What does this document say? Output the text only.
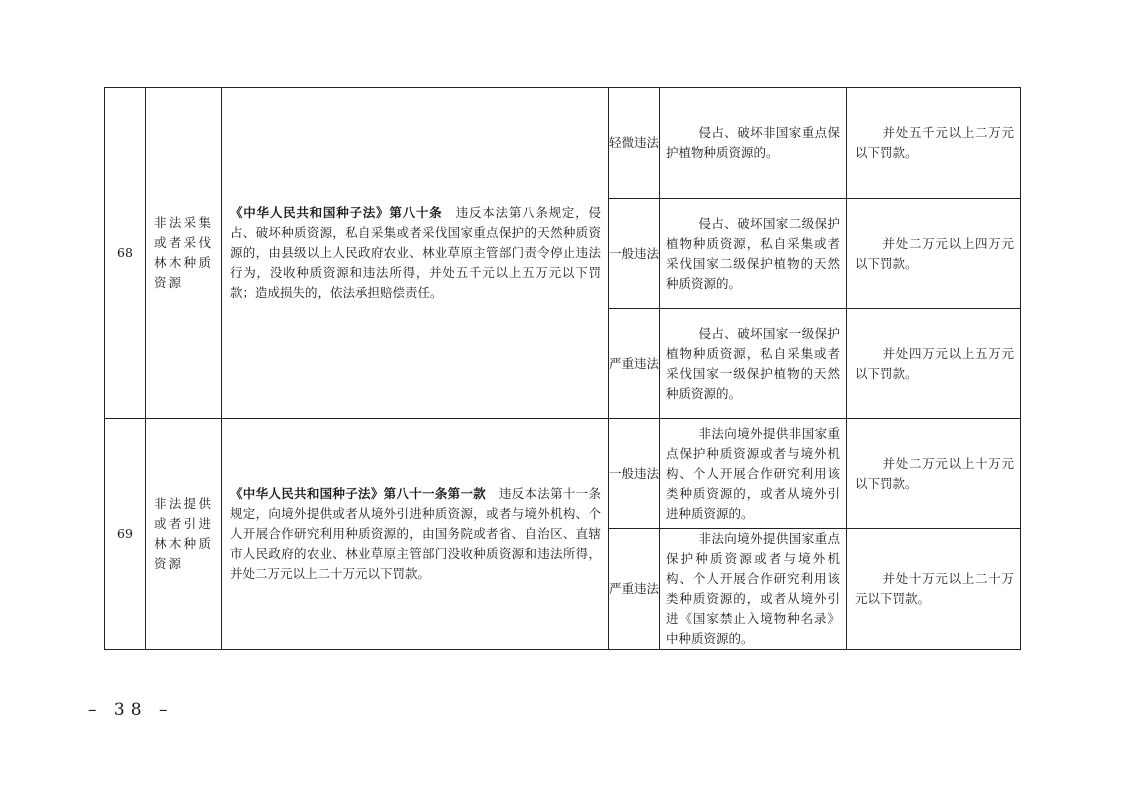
68	非法采集或者采伐林木种质资源	《中华人民共和国种子法》第八十条  违反本法第八条规定，侵占、破坏种质资源，私自采集或者采伐国家重点保护的天然种质资源的，由县级以上人民政府农业、林业草原主管部门责令停止违法行为，没收种质资源和违法所得，并处五千元以上五万元以下罚款；造成损失的，依法承担赔偿责任。	轻微违法	侵占、破坏非国家重点保护植物种质资源的。	并处五千元以上二万元以下罚款。
			一般违法	侵占、破坏国家二级保护植物种质资源，私自采集或者采伐国家二级保护植物的天然种质资源的。	并处二万元以上四万元以下罚款。
			严重违法	侵占、破坏国家一级保护植物种质资源，私自采集或者采伐国家一级保护植物的天然种质资源的。	并处四万元以上五万元以下罚款。
69	非法提供或者引进林木种质资源	《中华人民共和国种子法》第八十一条第一款  违反本法第十一条规定，向境外提供或者从境外引进种质资源，或者与境外机构、个人开展合作研究利用种质资源的，由国务院或者省、自治区、直辖市人民政府的农业、林业草原主管部门没收种质资源和违法所得，并处二万元以上二十万元以下罚款。	一般违法	非法向境外提供非国家重点保护种质资源或者与境外机构、个人开展合作研究利用该类种质资源的，或者从境外引进种质资源的。	并处二万元以上十万元以下罚款。
			严重违法	非法向境外提供国家重点保护种质资源或者与境外机构、个人开展合作研究利用该类种质资源的，或者从境外引进《国家禁止入境物种名录》中种质资源的。	并处十万元以上二十万元以下罚款。
– 38 –
